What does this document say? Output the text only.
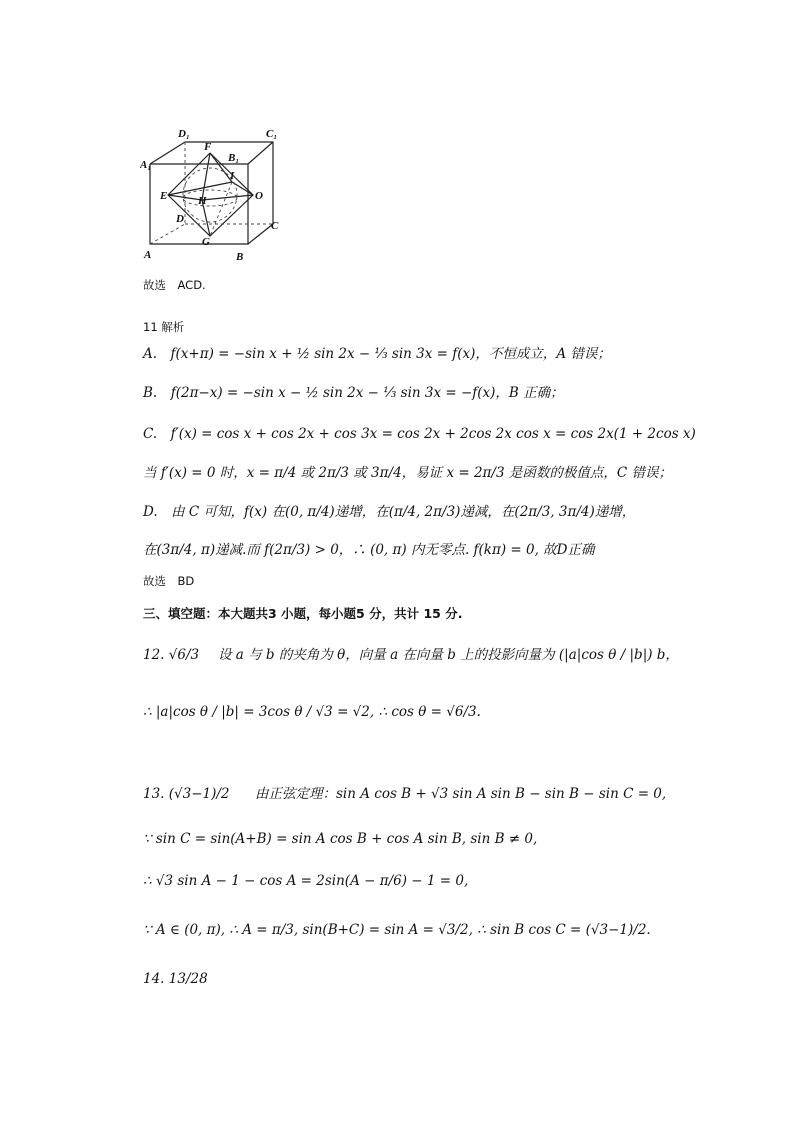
D₁	C₁
A₁
F
B₁
I
E	O
H
D
C
G
A	B
故选　ACD.
11 解析
A.　f(x+π) = −sin x + ½ sin 2x − ⅓ sin 3x = f(x)，不恒成立，A 错误；
B.　f(2π−x) = −sin x − ½ sin 2x − ⅓ sin 3x = −f(x)，B 正确；
C.　f′(x) = cos x + cos 2x + cos 3x = cos 2x + 2cos 2x cos x = cos 2x(1 + 2cos x)
当 f′(x) = 0 时，x = π/4 或 2π/3 或 3π/4，易证 x = 2π/3 是函数的极值点，C 错误；
D.　由 C 可知，f(x) 在(0, π/4)递增，在(π/4, 2π/3)递减，在(2π/3, 3π/4)递增，
在(3π/4, π)递减.而 f(2π/3) > 0，∴ (0, π) 内无零点. f(kπ) = 0, 故D正确
故选　BD
三、填空题：本大题共3 小题，每小题5 分，共计 15 分.
12. √6/3 设 a 与 b 的夹角为 θ，向量 a 在向量 b 上的投影向量为 (|a|cos θ / |b|) b，
∴ |a|cos θ / |b| = 3cos θ / √3 = √2, ∴ cos θ = √6/3.
13. (√3−1)/2 由正弦定理：sin A cos B + √3 sin A sin B − sin B − sin C = 0,
∵ sin C = sin(A+B) = sin A cos B + cos A sin B, sin B ≠ 0,
∴ √3 sin A − 1 − cos A = 2sin(A − π/6) − 1 = 0,
∵ A ∈ (0, π), ∴ A = π/3, sin(B+C) = sin A = √3/2, ∴ sin B cos C = (√3−1)/2.
14. 13/28
